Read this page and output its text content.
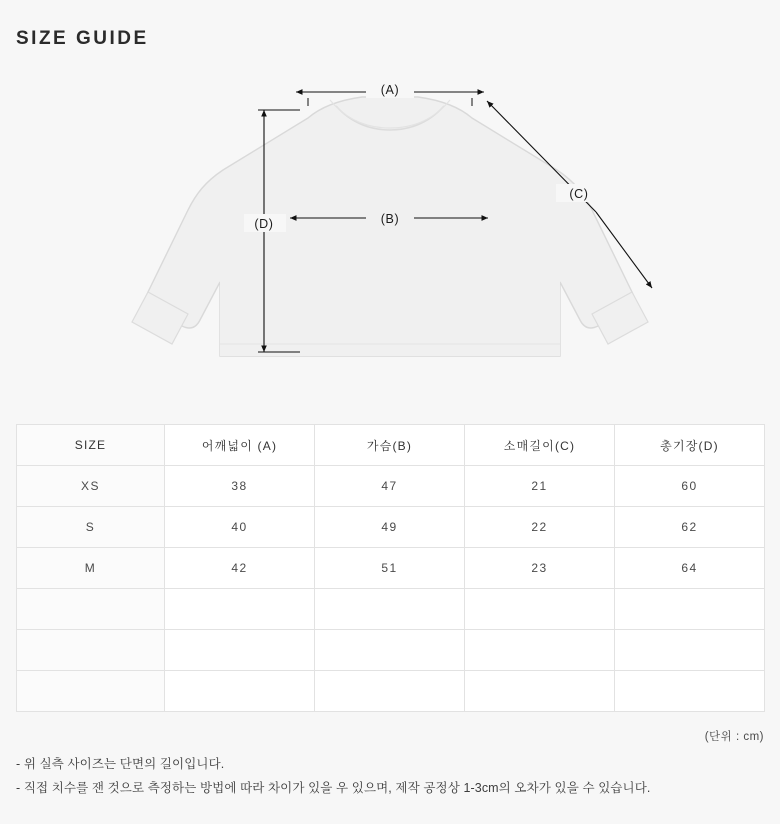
SIZE GUIDE
(A)
(B)
(C)
(D)
SIZE	어깨넓이 (A)	가슴(B)	소매길이(C)	총기장(D)
XS	38	47	21	60
S	40	49	22	62
M	42	51	23	64

(단위 : cm)
- 위 실측 사이즈는 단면의 길이입니다.
- 직접 치수를 잰 것으로 측정하는 방법에 따라 차이가 있을 우 있으며, 제작 공정상 1-3cm의 오차가 있을 수 있습니다.
